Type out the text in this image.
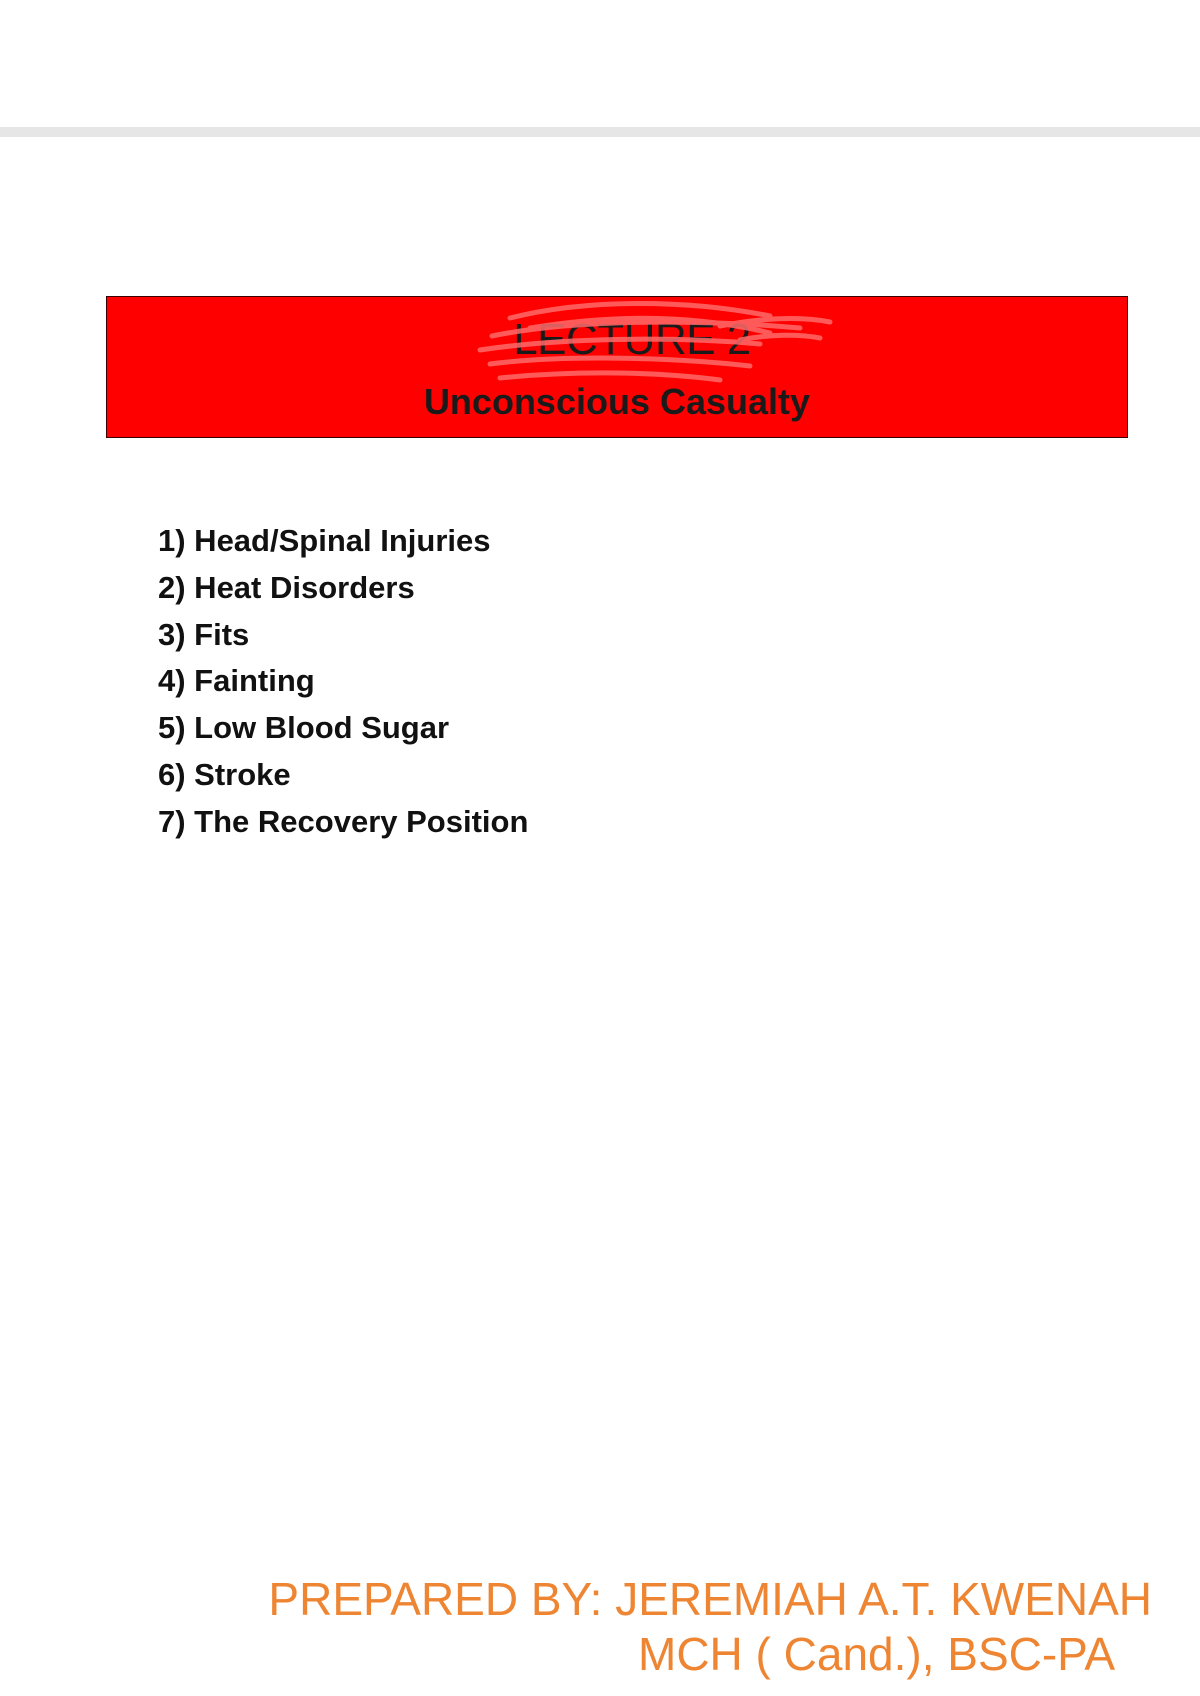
LECTURE 2
Unconscious Casualty
1) Head/Spinal Injuries
2) Heat Disorders
3) Fits
4) Fainting
5) Low Blood Sugar
6) Stroke
7) The Recovery Position
PREPARED BY: JEREMIAH A.T. KWENAH
MCH ( Cand.), BSC-PA
